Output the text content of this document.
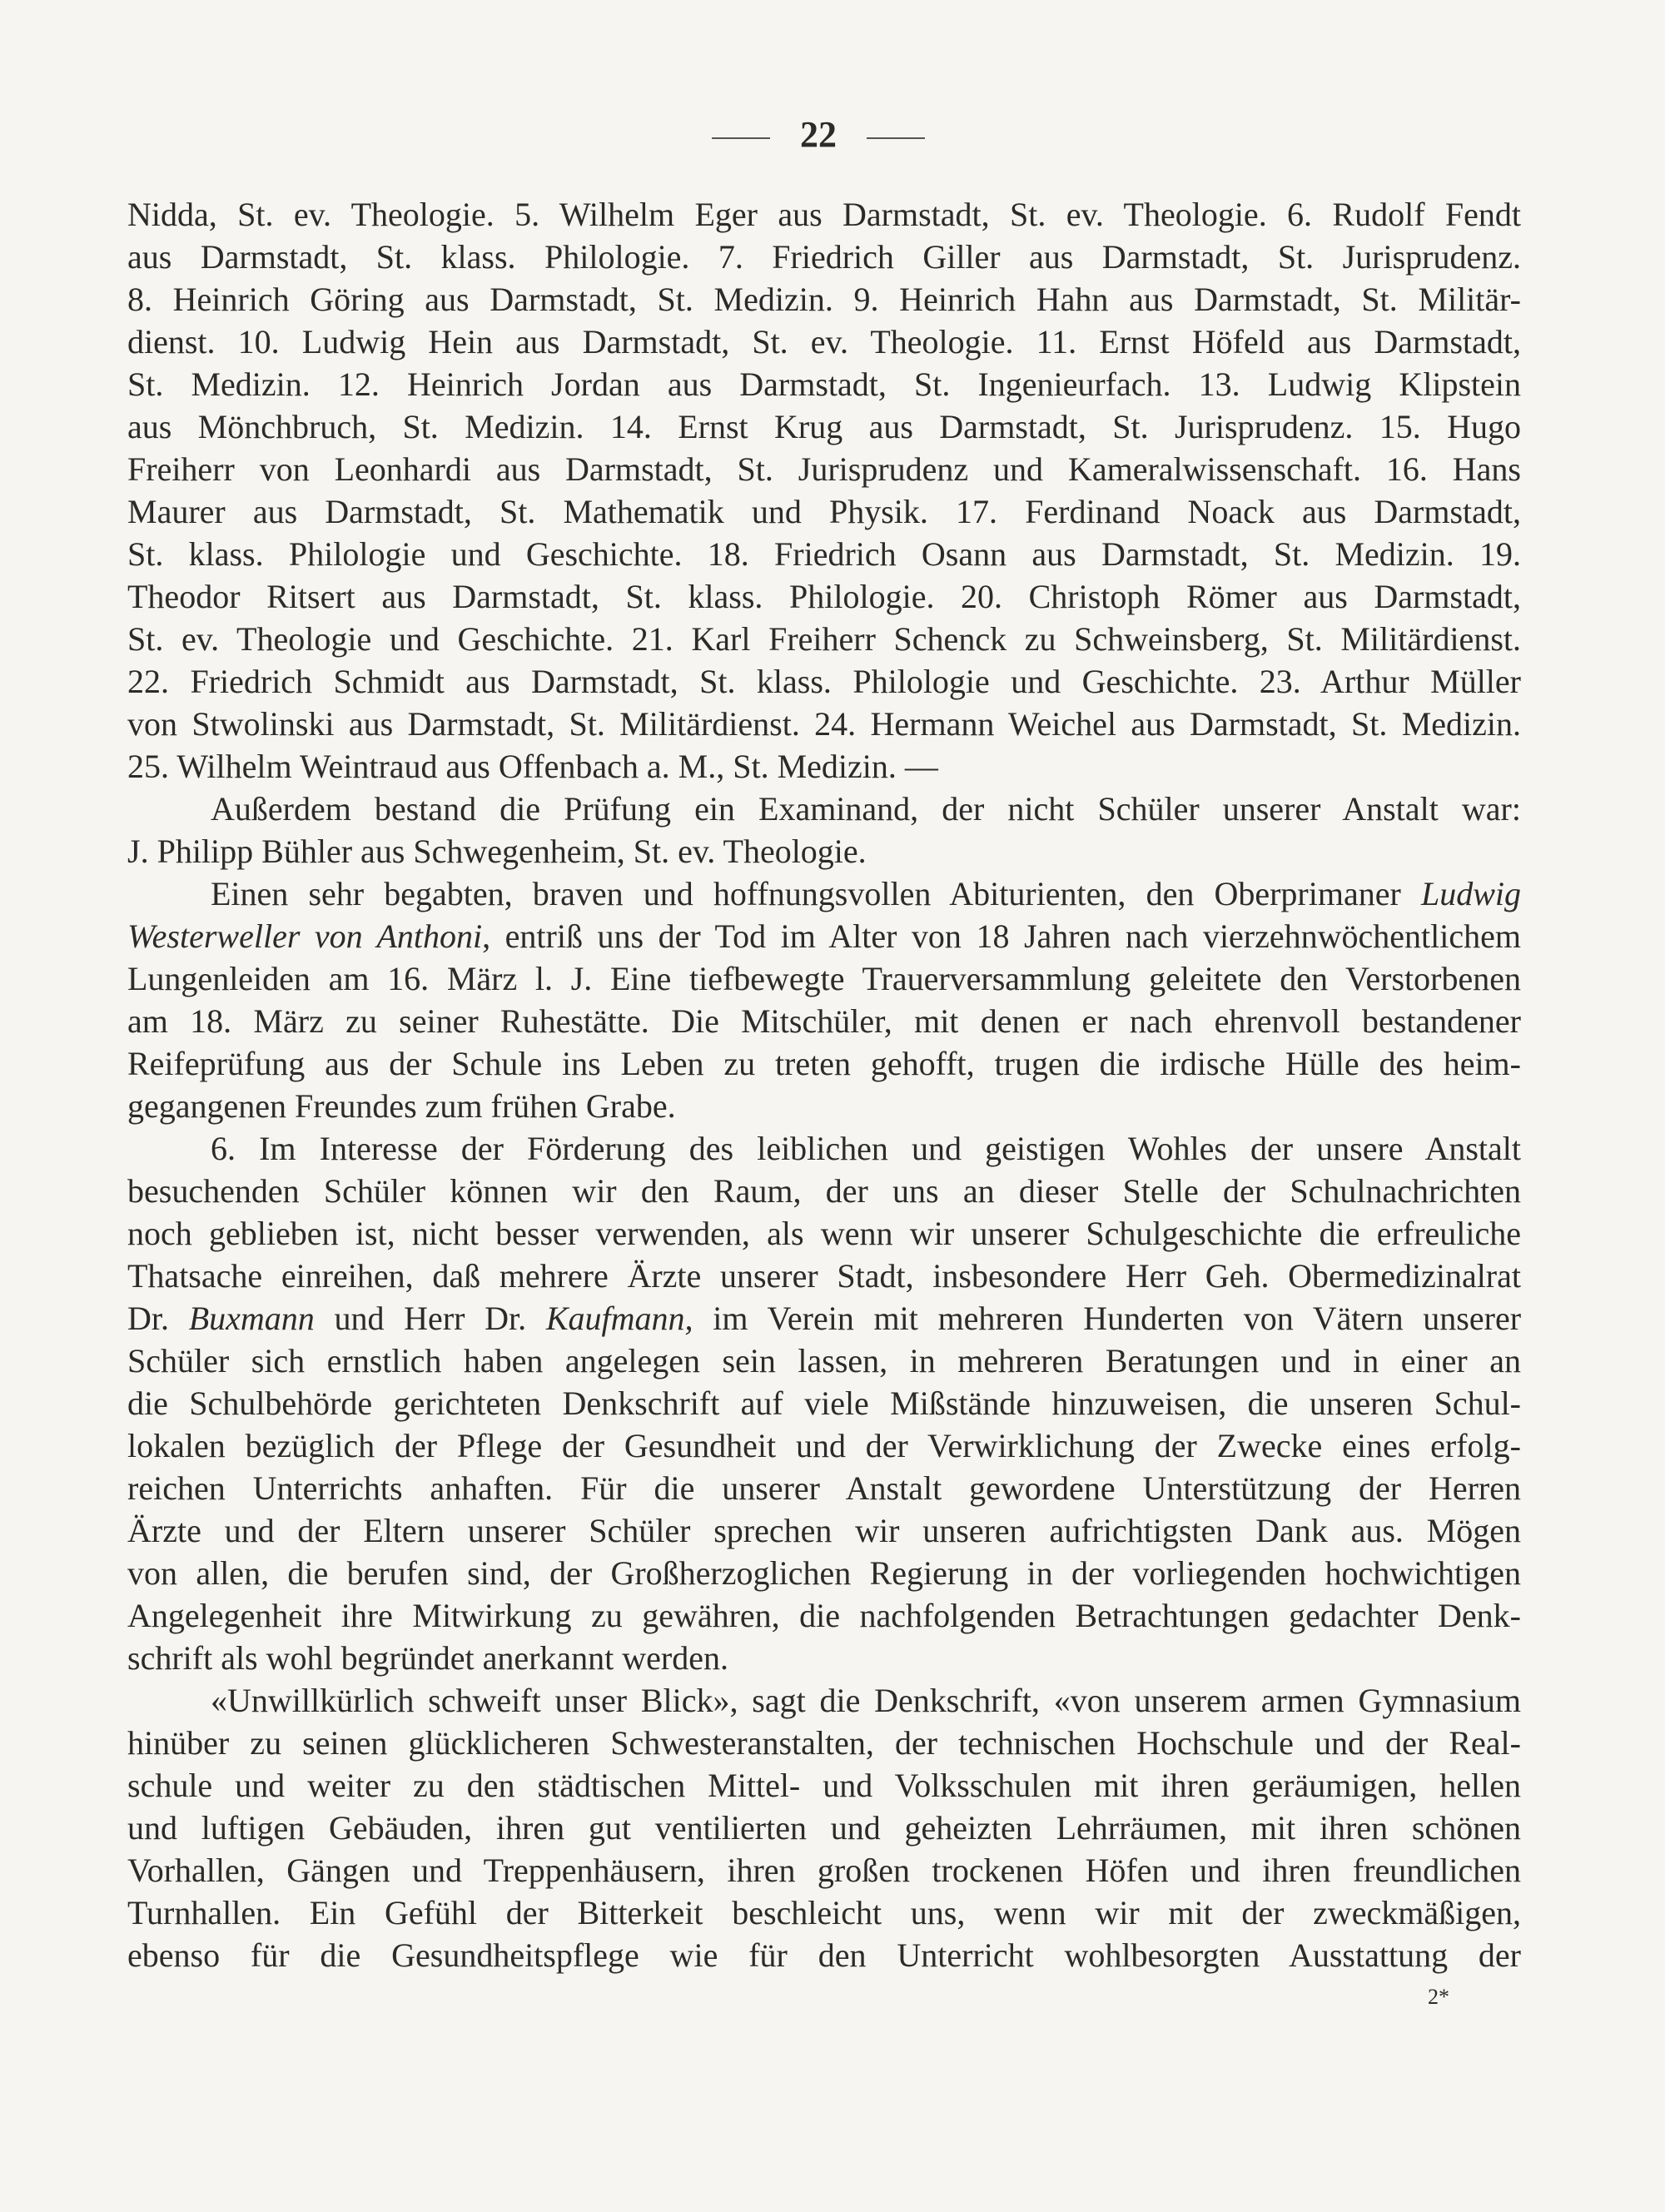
22
Nidda, St. ev. Theologie. 5. Wilhelm Eger aus Darmstadt, St. ev. Theologie. 6. Rudolf Fendt
aus Darmstadt, St. klass. Philologie. 7. Friedrich Giller aus Darmstadt, St. Jurisprudenz.
8. Heinrich Göring aus Darmstadt, St. Medizin. 9. Heinrich Hahn aus Darmstadt, St. Militär-
dienst. 10. Ludwig Hein aus Darmstadt, St. ev. Theologie. 11. Ernst Höfeld aus Darmstadt,
St. Medizin. 12. Heinrich Jordan aus Darmstadt, St. Ingenieurfach. 13. Ludwig Klipstein
aus Mönchbruch, St. Medizin. 14. Ernst Krug aus Darmstadt, St. Jurisprudenz. 15. Hugo
Freiherr von Leonhardi aus Darmstadt, St. Jurisprudenz und Kameralwissenschaft. 16. Hans
Maurer aus Darmstadt, St. Mathematik und Physik. 17. Ferdinand Noack aus Darmstadt,
St. klass. Philologie und Geschichte. 18. Friedrich Osann aus Darmstadt, St. Medizin. 19.
Theodor Ritsert aus Darmstadt, St. klass. Philologie. 20. Christoph Römer aus Darmstadt,
St. ev. Theologie und Geschichte. 21. Karl Freiherr Schenck zu Schweinsberg, St. Militärdienst.
22. Friedrich Schmidt aus Darmstadt, St. klass. Philologie und Geschichte. 23. Arthur Müller
von Stwolinski aus Darmstadt, St. Militärdienst. 24. Hermann Weichel aus Darmstadt, St. Medizin.
25. Wilhelm Weintraud aus Offenbach a. M., St. Medizin. —
Außerdem bestand die Prüfung ein Examinand, der nicht Schüler unserer Anstalt war:
J. Philipp Bühler aus Schwegenheim, St. ev. Theologie.
Einen sehr begabten, braven und hoffnungsvollen Abiturienten, den Oberprimaner Ludwig
Westerweller von Anthoni, entriß uns der Tod im Alter von 18 Jahren nach vierzehnwöchentlichem
Lungenleiden am 16. März l. J. Eine tiefbewegte Trauerversammlung geleitete den Verstorbenen
am 18. März zu seiner Ruhestätte. Die Mitschüler, mit denen er nach ehrenvoll bestandener
Reifeprüfung aus der Schule ins Leben zu treten gehofft, trugen die irdische Hülle des heim-
gegangenen Freundes zum frühen Grabe.
6. Im Interesse der Förderung des leiblichen und geistigen Wohles der unsere Anstalt
besuchenden Schüler können wir den Raum, der uns an dieser Stelle der Schulnachrichten
noch geblieben ist, nicht besser verwenden, als wenn wir unserer Schulgeschichte die erfreuliche
Thatsache einreihen, daß mehrere Ärzte unserer Stadt, insbesondere Herr Geh. Obermedizinalrat
Dr. Buxmann und Herr Dr. Kaufmann, im Verein mit mehreren Hunderten von Vätern unserer
Schüler sich ernstlich haben angelegen sein lassen, in mehreren Beratungen und in einer an
die Schulbehörde gerichteten Denkschrift auf viele Mißstände hinzuweisen, die unseren Schul-
lokalen bezüglich der Pflege der Gesundheit und der Verwirklichung der Zwecke eines erfolg-
reichen Unterrichts anhaften. Für die unserer Anstalt gewordene Unterstützung der Herren
Ärzte und der Eltern unserer Schüler sprechen wir unseren aufrichtigsten Dank aus. Mögen
von allen, die berufen sind, der Großherzoglichen Regierung in der vorliegenden hochwichtigen
Angelegenheit ihre Mitwirkung zu gewähren, die nachfolgenden Betrachtungen gedachter Denk-
schrift als wohl begründet anerkannt werden.
«Unwillkürlich schweift unser Blick», sagt die Denkschrift, «von unserem armen Gymnasium
hinüber zu seinen glücklicheren Schwesteranstalten, der technischen Hochschule und der Real-
schule und weiter zu den städtischen Mittel- und Volksschulen mit ihren geräumigen, hellen
und luftigen Gebäuden, ihren gut ventilierten und geheizten Lehrräumen, mit ihren schönen
Vorhallen, Gängen und Treppenhäusern, ihren großen trockenen Höfen und ihren freundlichen
Turnhallen. Ein Gefühl der Bitterkeit beschleicht uns, wenn wir mit der zweckmäßigen,
ebenso für die Gesundheitspflege wie für den Unterricht wohlbesorgten Ausstattung der
2*
